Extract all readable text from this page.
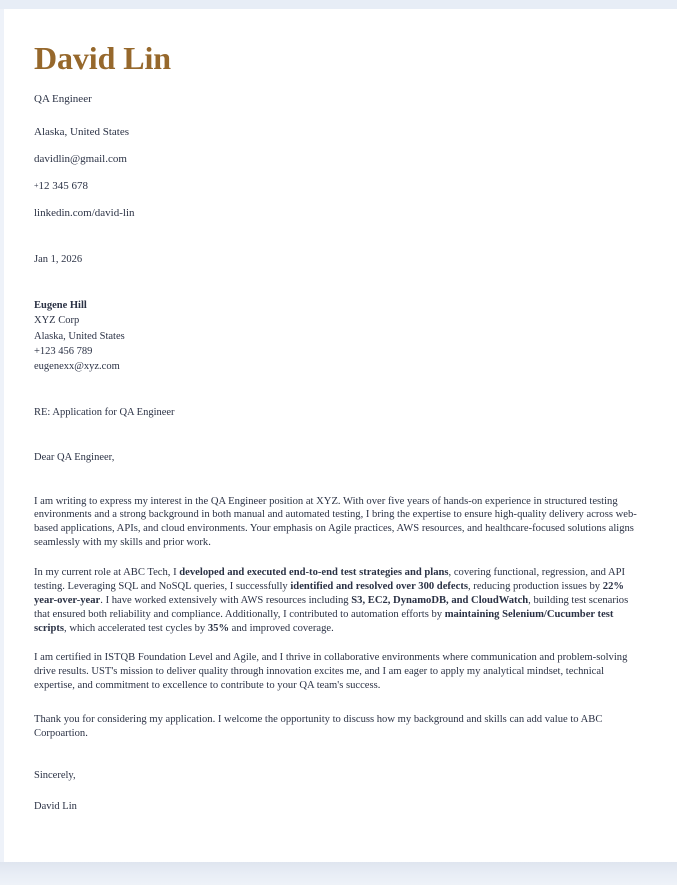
David Lin
QA Engineer
Alaska, United States
davidlin@gmail.com
+12 345 678
linkedin.com/david-lin
Jan 1, 2026
Eugene Hill
XYZ Corp
Alaska, United States
+123 456 789
eugenexx@xyz.com
RE: Application for QA Engineer
Dear QA Engineer,

I am writing to express my interest in the QA Engineer position at XYZ. With over five years of hands-on experience in structured testing environments and a strong background in both manual and automated testing, I bring the expertise to ensure high-quality delivery across web-based applications, APIs, and cloud environments. Your emphasis on Agile practices, AWS resources, and healthcare-focused solutions aligns seamlessly with my skills and prior work.

In my current role at ABC Tech, I developed and executed end-to-end test strategies and plans, covering functional, regression, and API testing. Leveraging SQL and NoSQL queries, I successfully identified and resolved over 300 defects, reducing production issues by 22% year-over-year. I have worked extensively with AWS resources including S3, EC2, DynamoDB, and CloudWatch, building test scenarios that ensured both reliability and compliance. Additionally, I contributed to automation efforts by maintaining Selenium/Cucumber test scripts, which accelerated test cycles by 35% and improved coverage.

I am certified in ISTQB Foundation Level and Agile, and I thrive in collaborative environments where communication and problem-solving drive results. UST's mission to deliver quality through innovation excites me, and I am eager to apply my analytical mindset, technical expertise, and commitment to excellence to contribute to your QA team's success.

Thank you for considering my application. I welcome the opportunity to discuss how my background and skills can add value to ABC Corpoartion.

Sincerely,
David Lin
